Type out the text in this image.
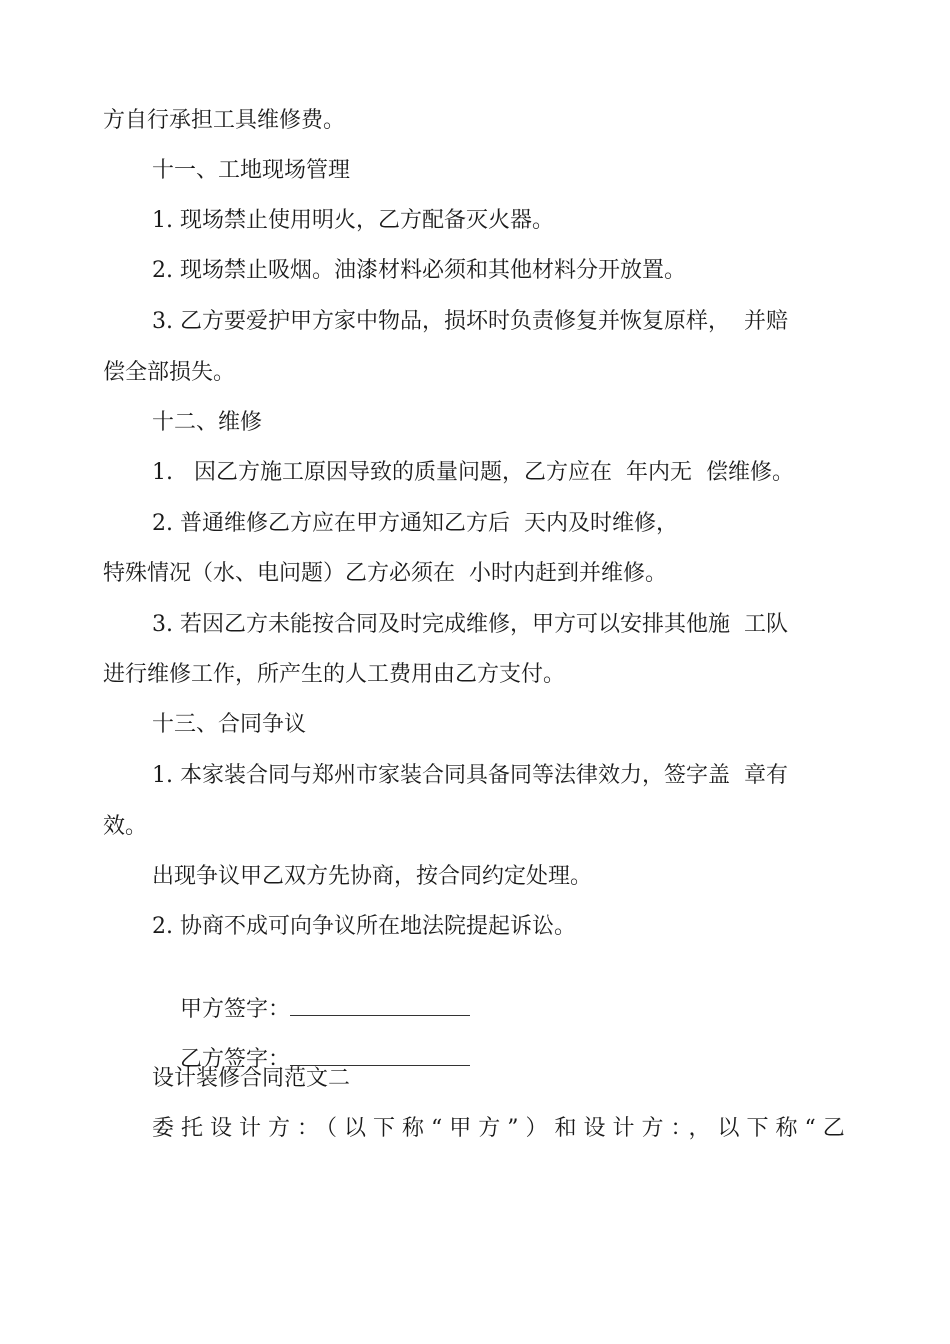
方自行承担工具维修费。
十一、工地现场管理
1. 现场禁止使用明火，乙方配备灭火器。
2. 现场禁止吸烟。油漆材料必须和其他材料分开放置。
3. 乙方要爱护甲方家中物品，损坏时负责修复并恢复原样，  并赔
偿全部损失。
十二、维修
1.   因乙方施工原因导致的质量问题，乙方应在  年内无  偿维修。
2. 普通维修乙方应在甲方通知乙方后  天内及时维修，
特殊情况（水、电问题）乙方必须在  小时内赶到并维修。
3. 若因乙方未能按合同及时完成维修，甲方可以安排其他施  工队
进行维修工作，所产生的人工费用由乙方支付。
十三、合同争议
1. 本家装合同与郑州市家装合同具备同等法律效力，签字盖  章有
效。
出现争议甲乙双方先协商，按合同约定处理。
2. 协商不成可向争议所在地法院提起诉讼。

甲方签字：

乙方签字：

设计装修合同范文二
委托设计方：（以下称“甲方”）和设计方：，以下称“乙
